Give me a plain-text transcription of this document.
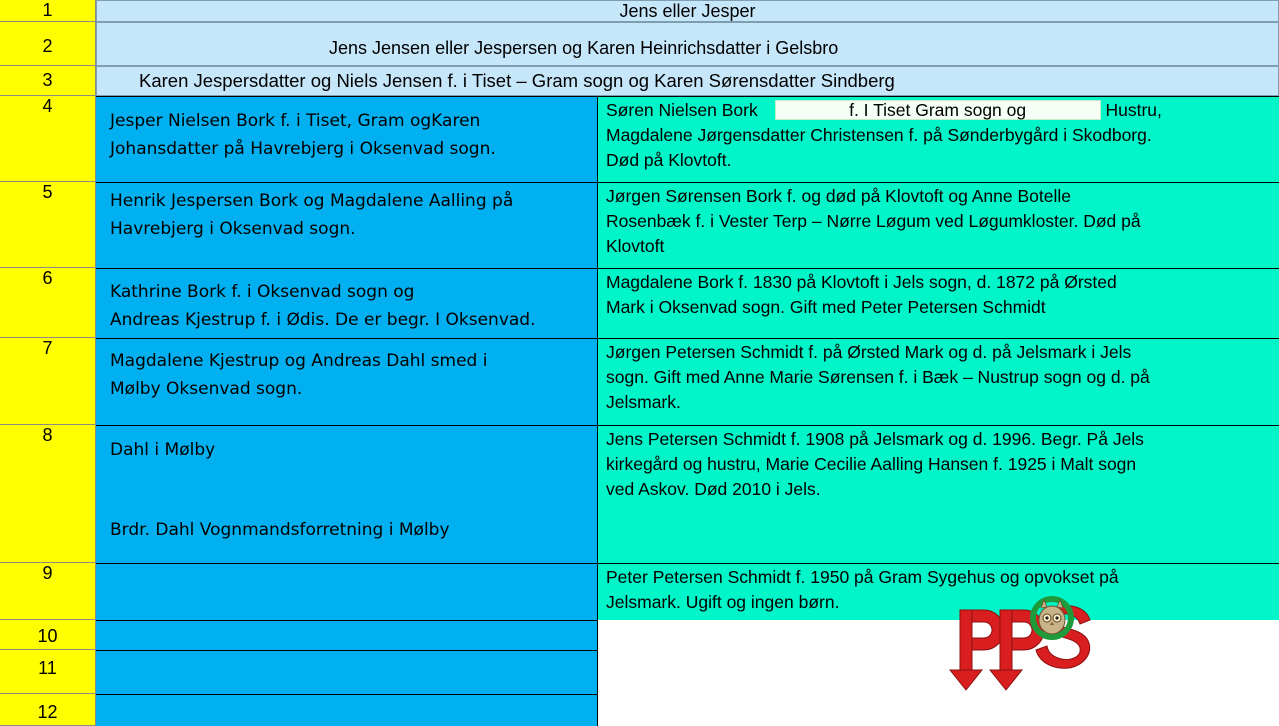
1
2
3
4
5
6
7
8
9
10
11
12
Jens eller Jesper
Jens Jensen eller Jespersen og Karen Heinrichsdatter i Gelsbro
Karen Jespersdatter og Niels Jensen f. i Tiset – Gram sogn og Karen Sørensdatter Sindberg
Jesper Nielsen Bork f. i Tiset, Gram ogKaren
Johansdatter på Havrebjerg i Oksenvad sogn.
Henrik Jespersen Bork og Magdalene Aalling på
Havrebjerg i Oksenvad sogn.
Kathrine Bork f. i Oksenvad sogn og
Andreas Kjestrup f. i Ødis. De er begr. I Oksenvad.
Magdalene Kjestrup og Andreas Dahl smed i
Mølby Oksenvad sogn.
Dahl i Mølby
Brdr. Dahl Vognmandsforretning i Mølby
Søren Nielsen Bork	f. I Tiset Gram sogn og	Hustru,
Magdalene Jørgensdatter Christensen f. på Sønderbygård i Skodborg.
Død på Klovtoft.
Jørgen Sørensen Bork f. og død på Klovtoft og Anne Botelle
Rosenbæk f. i Vester Terp – Nørre Løgum ved Løgumkloster. Død på
Klovtoft
Magdalene Bork f. 1830 på Klovtoft i Jels sogn, d. 1872 på Ørsted
Mark i Oksenvad sogn. Gift med Peter Petersen Schmidt
Jørgen Petersen Schmidt f. på Ørsted Mark og d. på Jelsmark i Jels
sogn. Gift med Anne Marie Sørensen f. i Bæk – Nustrup sogn og d. på
Jelsmark.
Jens Petersen Schmidt f. 1908 på Jelsmark og d. 1996. Begr. På Jels
kirkegård og hustru, Marie Cecilie Aalling Hansen f. 1925 i Malt sogn
ved Askov. Død 2010 i Jels.
Peter Petersen Schmidt f. 1950 på Gram Sygehus og opvokset på
Jelsmark. Ugift og ingen børn.
